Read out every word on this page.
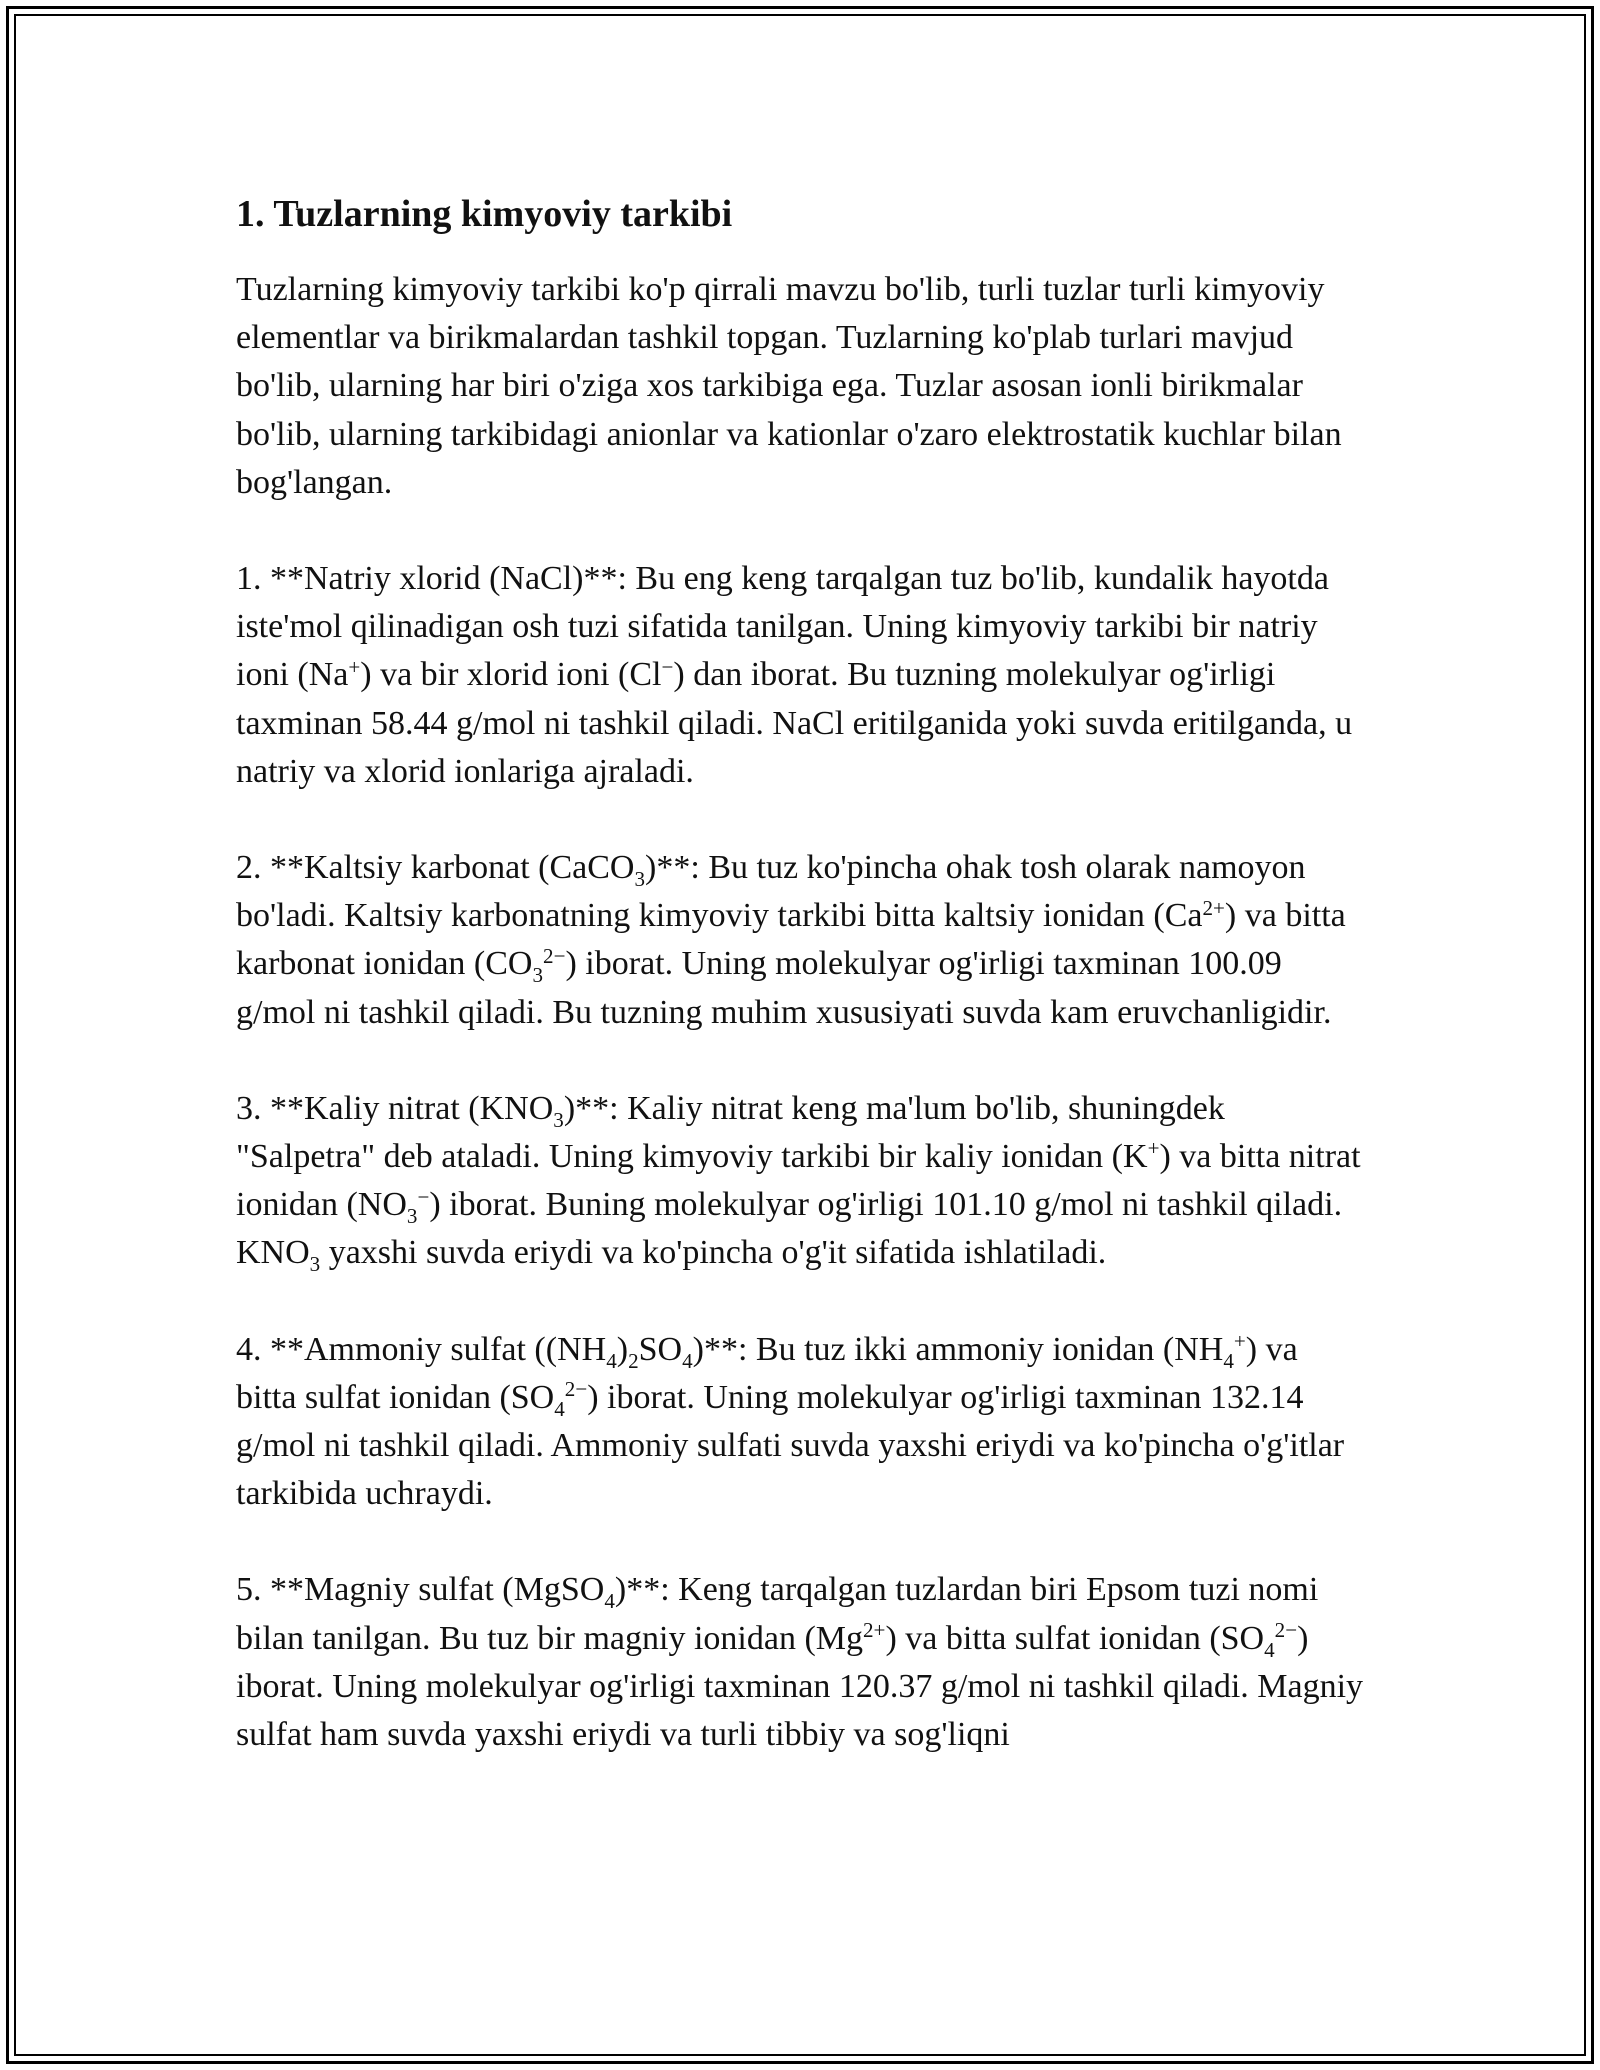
1. Tuzlarning kimyoviy tarkibi

Tuzlarning kimyoviy tarkibi ko'p qirrali mavzu bo'lib, turli tuzlar turli kimyoviy elementlar va birikmalardan tashkil topgan. Tuzlarning ko'plab turlari mavjud bo'lib, ularning har biri o'ziga xos tarkibiga ega. Tuzlar asosan ionli birikmalar bo'lib, ularning tarkibidagi anionlar va kationlar o'zaro elektrostatik kuchlar bilan bog'langan.

1. **Natriy xlorid (NaCl)**: Bu eng keng tarqalgan tuz bo'lib, kundalik hayotda iste'mol qilinadigan osh tuzi sifatida tanilgan. Uning kimyoviy tarkibi bir natriy ioni (Na+) va bir xlorid ioni (Cl−) dan iborat. Bu tuzning molekulyar og'irligi taxminan 58.44 g/mol ni tashkil qiladi. NaCl eritilganida yoki suvda eritilganda, u natriy va xlorid ionlariga ajraladi.

2. **Kaltsiy karbonat (CaCO$_3$)**: Bu tuz ko'pincha ohak tosh olarak namoyon bo'ladi. Kaltsiy karbonatning kimyoviy tarkibi bitta kaltsiy ionidan $(Ca^{2+})$ va bitta karbonat ionidan $(CO_3^{2-})$ iborat. Uning molekulyar og'irligi taxminan 100.09 g/mol ni tashkil qiladi. Bu tuzning muhim xususiyati suvda kam eruvchanligidir.

3. **Kaliy nitrat $(KNO_3)**$: Kaliy nitrat keng ma'lum bo'lib, shuningdek "Salpetra" deb ataladi. Uning kimyoviy tarkibi bir kaliy ionidan (K+) va bitta nitrat ionidan $(NO_3^-)$ iborat. Buning molekulyar og'irligi 101.10 g/mol ni tashkil qiladi. $KNO_3$ yaxshi suvda eriydi va ko'pincha o'g'it sifatida ishlatiladi.

4. **Ammoniy sulfat $((NH_4)_2SO_4)**$: Bu tuz ikki ammoniy ionidan $(NH_4^+)$ va bitta sulfat ionidan $(SO_4^{2-})$ iborat. Uning molekulyar og'irligi taxminan 132.14 g/mol ni tashkil qiladi. Ammoniy sulfati suvda yaxshi eriydi va ko'pincha o'g'itlar tarkibida uchraydi.

5. **Magniy sulfat (MgSO$_4$)**: Keng tarqalgan tuzlardan biri Epsom tuzi nomi bilan tanilgan. Bu tuz bir magniy ionidan $(Mg^{2+})$ va bitta sulfat ionidan $(SO_4^{2-})$ iborat. Uning molekulyar og'irligi taxminan 120.37 g/mol ni tashkil qiladi. Magniy sulfat ham suvda yaxshi eriydi va turli tibbiy va sog'liqni
